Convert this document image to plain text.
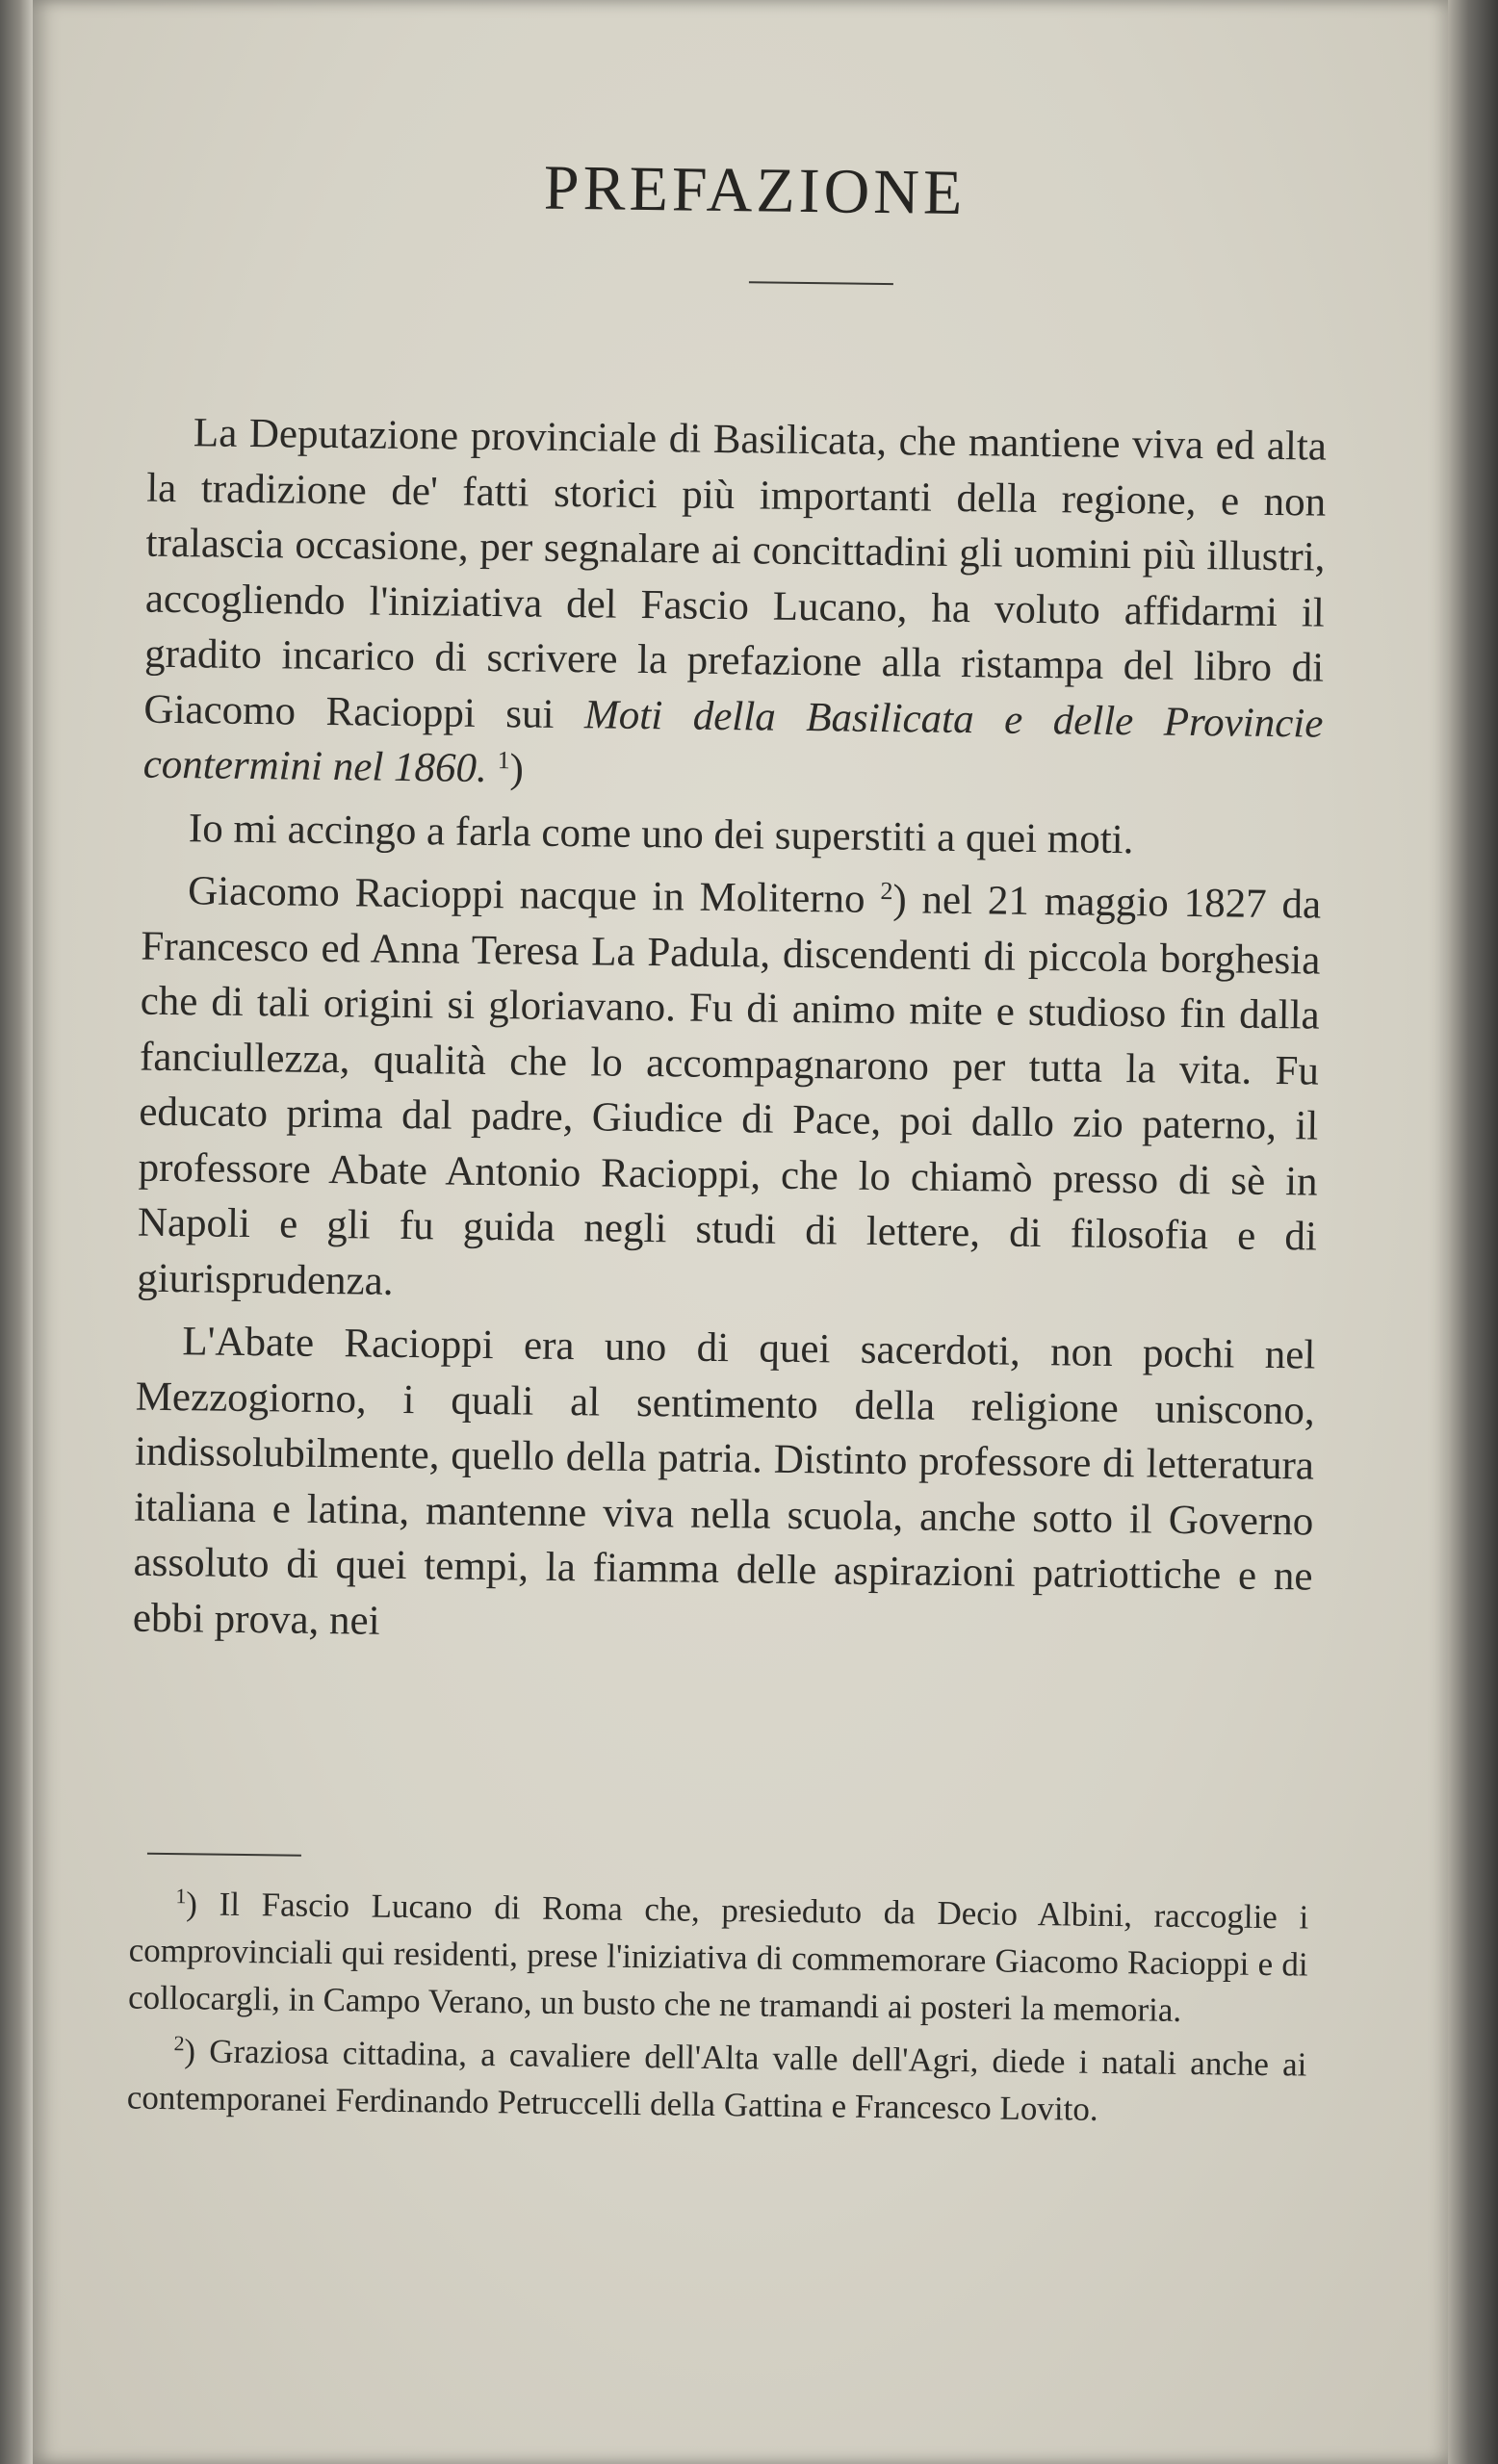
PREFAZIONE

La Deputazione provinciale di Basilicata, che mantiene viva ed alta la tradizione de' fatti storici più importanti della regione, e non tralascia occasione, per segnalare ai concittadini gli uomini più illustri, accogliendo l'iniziativa del Fascio Lucano, ha voluto affidarmi il gradito incarico di scrivere la prefazione alla ristampa del libro di Giacomo Racioppi sui Moti della Basilicata e delle Provincie contermini nel 1860. $^1$)

Io mi accingo a farla come uno dei superstiti a quei moti.

Giacomo Racioppi nacque in Moliterno $^2$) nel 21 maggio 1827 da Francesco ed Anna Teresa La Padula, discendenti di piccola borghesia che di tali origini si gloriavano. Fu di animo mite e studioso fin dalla fanciullezza, qualità che lo accompagnarono per tutta la vita. Fu educato prima dal padre, Giudice di Pace, poi dallo zio paterno, il professore Abate Antonio Racioppi, che lo chiamò presso di sè in Napoli e gli fu guida negli studi di lettere, di filosofia e di giurisprudenza.

L'Abate Racioppi era uno di quei sacerdoti, non pochi nel Mezzogiorno, i quali al sentimento della religione uniscono, indissolubilmente, quello della patria. Distinto professore di letteratura italiana e latina, mantenne viva nella scuola, anche sotto il Governo assoluto di quei tempi, la fiamma delle aspirazioni patriottiche e ne ebbi prova, nei

$^1$) Il Fascio Lucano di Roma che, presieduto da Decio Albini, raccoglie i comprovinciali qui residenti, prese l'iniziativa di commemorare Giacomo Racioppi e di collocargli, in Campo Verano, un busto che ne tramandi ai posteri la memoria.

$^2$) Graziosa cittadina, a cavaliere dell'Alta valle dell'Agri, diede i natali anche ai contemporanei Ferdinando Petruccelli della Gattina e Francesco Lovito.
